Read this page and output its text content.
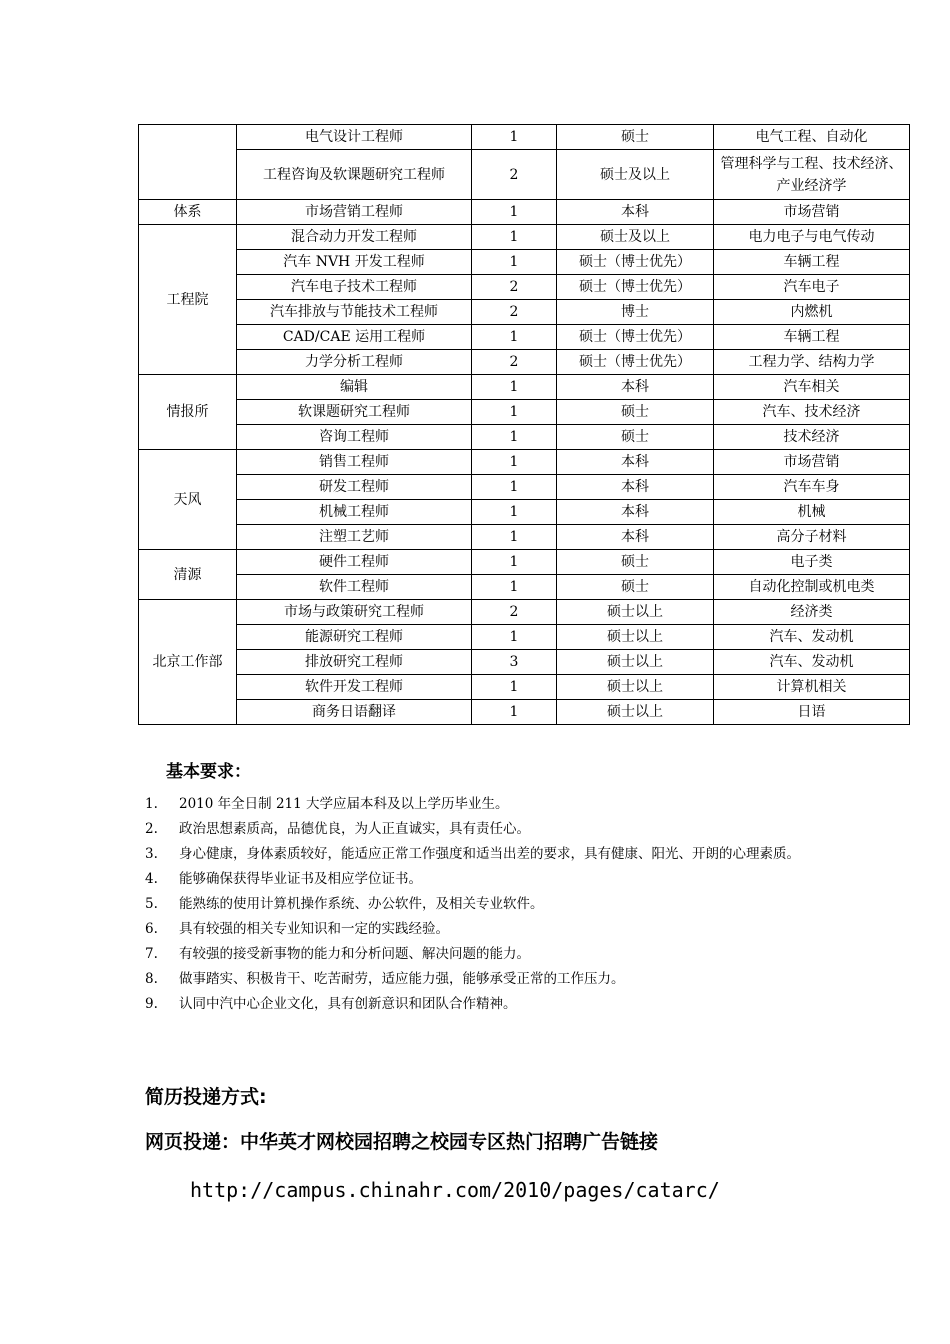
	电气设计工程师	1	硕士	电气工程、自动化
	工程咨询及软课题研究工程师	2	硕士及以上	管理科学与工程、技术经济、产业经济学
体系	市场营销工程师	1	本科	市场营销
工程院	混合动力开发工程师	1	硕士及以上	电力电子与电气传动
	汽车 NVH 开发工程师	1	硕士（博士优先）	车辆工程
	汽车电子技术工程师	2	硕士（博士优先）	汽车电子
	汽车排放与节能技术工程师	2	博士	内燃机
	CAD/CAE 运用工程师	1	硕士（博士优先）	车辆工程
	力学分析工程师	2	硕士（博士优先）	工程力学、结构力学
情报所	编辑	1	本科	汽车相关
	软课题研究工程师	1	硕士	汽车、技术经济
	咨询工程师	1	硕士	技术经济
天风	销售工程师	1	本科	市场营销
	研发工程师	1	本科	汽车车身
	机械工程师	1	本科	机械
	注塑工艺师	1	本科	高分子材料
清源	硬件工程师	1	硕士	电子类
	软件工程师	1	硕士	自动化控制或机电类
北京工作部	市场与政策研究工程师	2	硕士以上	经济类
	能源研究工程师	1	硕士以上	汽车、发动机
	排放研究工程师	3	硕士以上	汽车、发动机
	软件开发工程师	1	硕士以上	计算机相关
	商务日语翻译	1	硕士以上	日语
基本要求：
1. 2010 年全日制 211 大学应届本科及以上学历毕业生。
2. 政治思想素质高，品德优良，为人正直诚实，具有责任心。
3. 身心健康，身体素质较好，能适应正常工作强度和适当出差的要求，具有健康、阳光、开朗的心理素质。
4. 能够确保获得毕业证书及相应学位证书。
5. 能熟练的使用计算机操作系统、办公软件，及相关专业软件。
6. 具有较强的相关专业知识和一定的实践经验。
7. 有较强的接受新事物的能力和分析问题、解决问题的能力。
8. 做事踏实、积极肯干、吃苦耐劳，适应能力强，能够承受正常的工作压力。
9. 认同中汽中心企业文化，具有创新意识和团队合作精神。
简历投递方式:
网页投递：中华英才网校园招聘之校园专区热门招聘广告链接
http://campus.chinahr.com/2010/pages/catarc/
